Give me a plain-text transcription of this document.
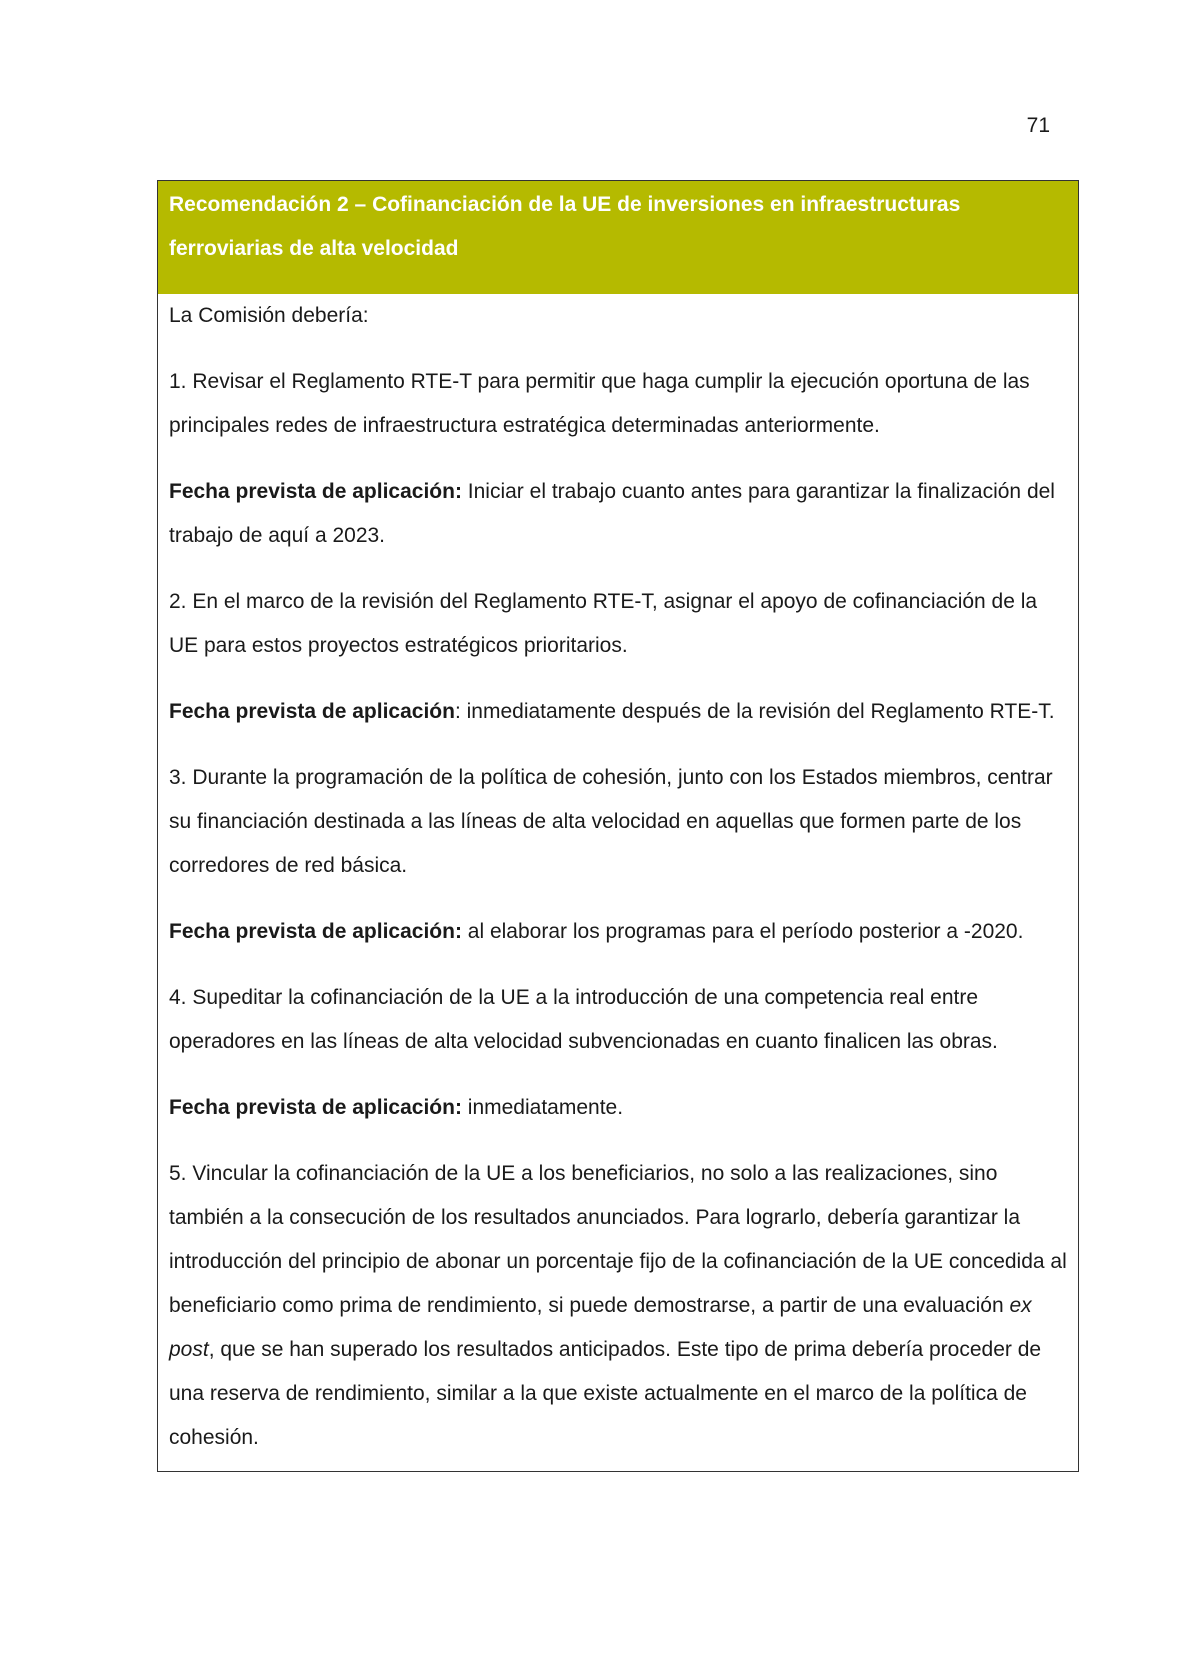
71
Recomendación 2 – Cofinanciación de la UE de inversiones en infraestructuras ferroviarias de alta velocidad

La Comisión debería:

1. Revisar el Reglamento RTE-T para permitir que haga cumplir la ejecución oportuna de las principales redes de infraestructura estratégica determinadas anteriormente.

Fecha prevista de aplicación: Iniciar el trabajo cuanto antes para garantizar la finalización del trabajo de aquí a 2023.

2. En el marco de la revisión del Reglamento RTE-T, asignar el apoyo de cofinanciación de la UE para estos proyectos estratégicos prioritarios.

Fecha prevista de aplicación: inmediatamente después de la revisión del Reglamento RTE-T.

3. Durante la programación de la política de cohesión, junto con los Estados miembros, centrar su financiación destinada a las líneas de alta velocidad en aquellas que formen parte de los corredores de red básica.

Fecha prevista de aplicación: al elaborar los programas para el período posterior a -2020.

4. Supeditar la cofinanciación de la UE a la introducción de una competencia real entre operadores en las líneas de alta velocidad subvencionadas en cuanto finalicen las obras.

Fecha prevista de aplicación: inmediatamente.

5. Vincular la cofinanciación de la UE a los beneficiarios, no solo a las realizaciones, sino también a la consecución de los resultados anunciados. Para lograrlo, debería garantizar la introducción del principio de abonar un porcentaje fijo de la cofinanciación de la UE concedida al beneficiario como prima de rendimiento, si puede demostrarse, a partir de una evaluación ex post, que se han superado los resultados anticipados. Este tipo de prima debería proceder de una reserva de rendimiento, similar a la que existe actualmente en el marco de la política de cohesión.
